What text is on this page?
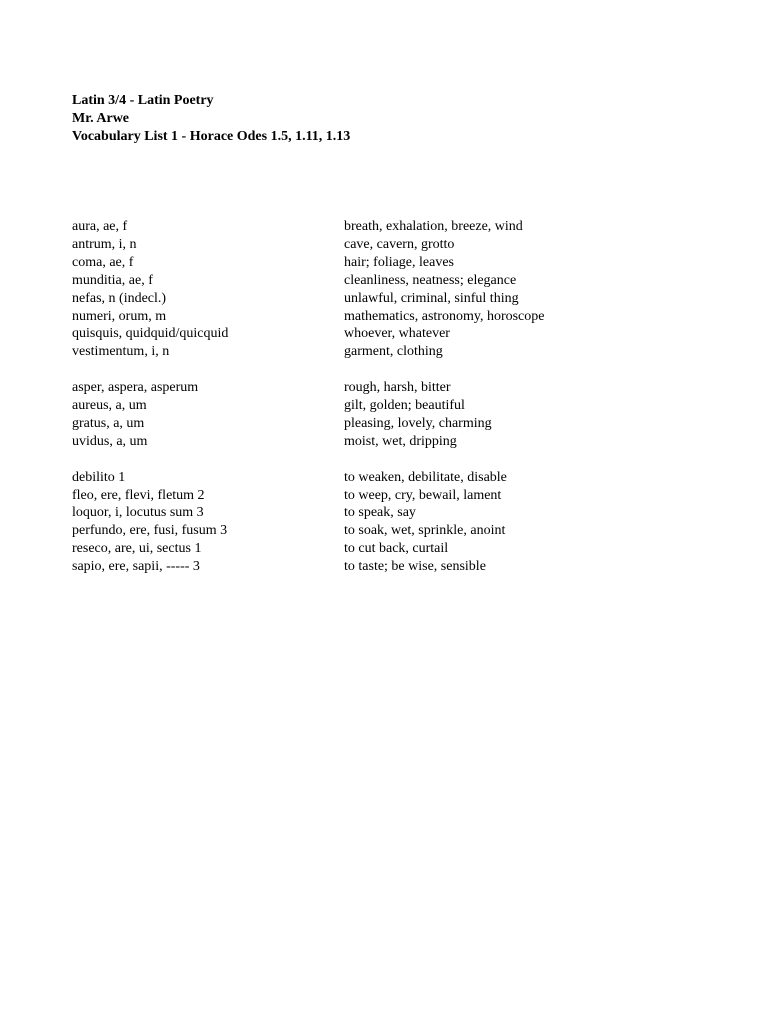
Latin 3/4 - Latin Poetry
Mr. Arwe
Vocabulary List 1 - Horace Odes 1.5, 1.11, 1.13
aura, ae, f	breath, exhalation, breeze, wind
antrum, i, n	cave, cavern, grotto
coma, ae, f	hair; foliage, leaves
munditia, ae, f	cleanliness, neatness; elegance
nefas, n (indecl.)	unlawful, criminal, sinful thing
numeri, orum, m	mathematics, astronomy, horoscope
quisquis, quidquid/quicquid	whoever, whatever
vestimentum, i, n	garment, clothing
asper, aspera, asperum	rough, harsh, bitter
aureus, a, um	gilt, golden; beautiful
gratus, a, um	pleasing, lovely, charming
uvidus, a, um	moist, wet, dripping
debilito 1	to weaken, debilitate, disable
fleo, ere, flevi, fletum 2	to weep, cry, bewail, lament
loquor, i, locutus sum 3	to speak, say
perfundo, ere, fusi, fusum 3	to soak, wet, sprinkle, anoint
reseco, are, ui, sectus 1	to cut back, curtail
sapio, ere, sapii, ----- 3	to taste; be wise, sensible
